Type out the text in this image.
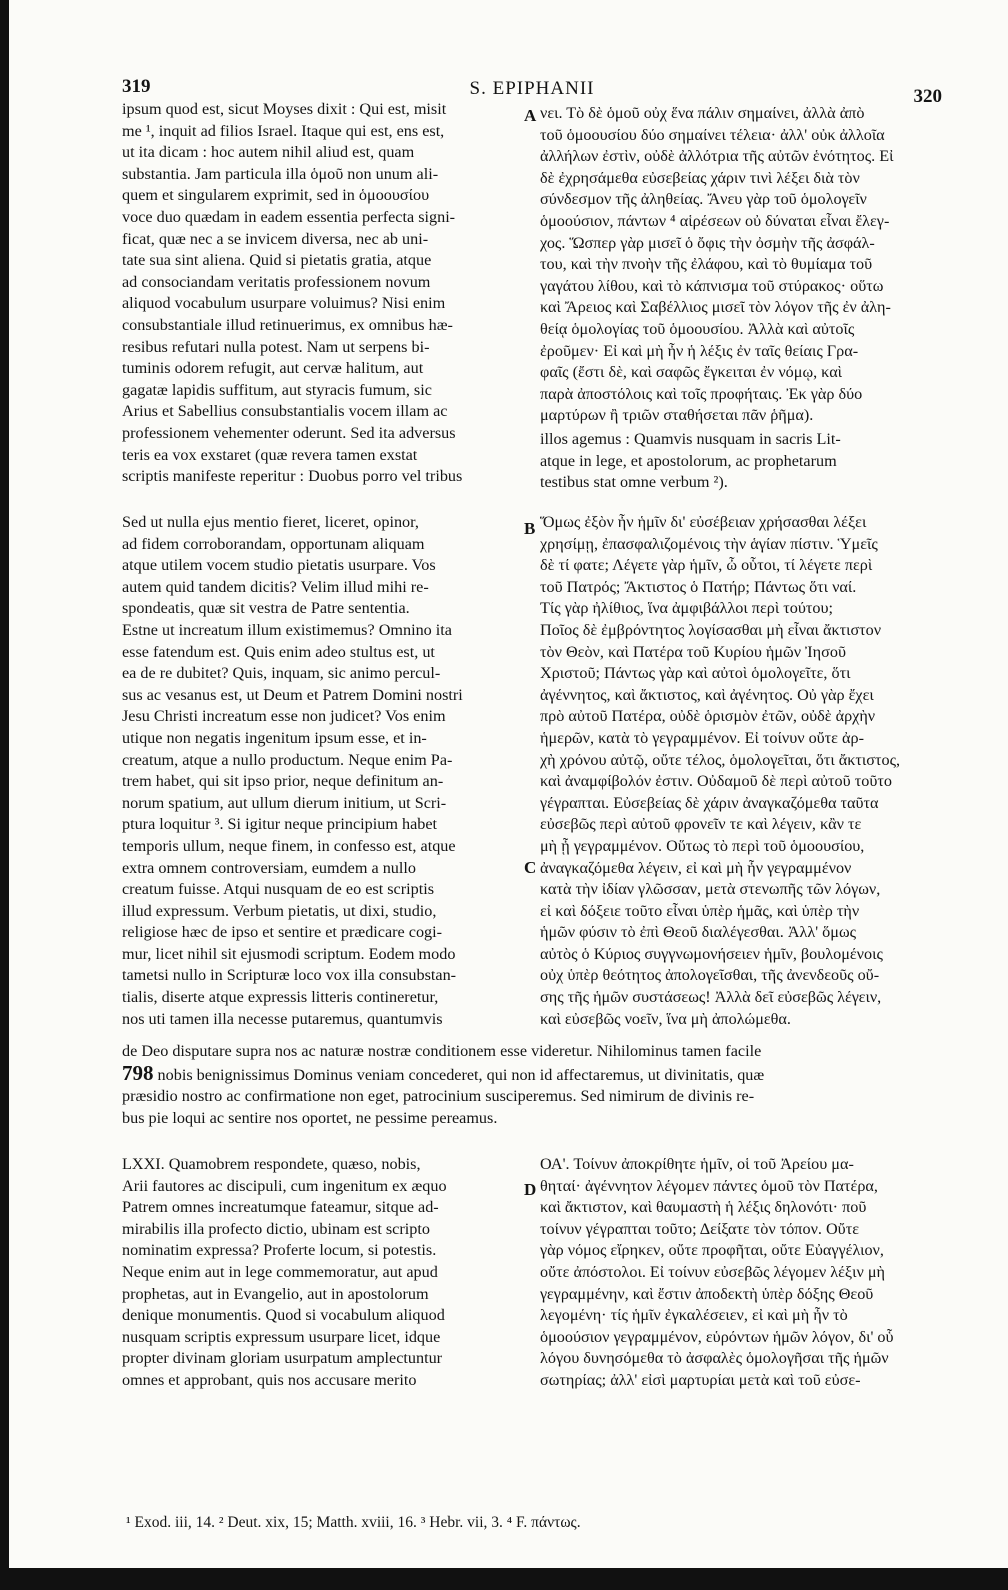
319	S. EPIPHANII	320
ipsum quod est, sicut Moyses dixit : Qui est, misit
me ¹, inquit ad filios Israel. Itaque qui est, ens est,
ut ita dicam : hoc autem nihil aliud est, quam
substantia. Jam particula illa ὁμοῦ non unum ali-
quem et singularem exprimit, sed in ὁμοουσίου
voce duo quædam in eadem essentia perfecta signi-
ficat, quæ nec a se invicem diversa, nec ab uni-
tate sua sint aliena. Quid si pietatis gratia, atque
ad consociandam veritatis professionem novum
aliquod vocabulum usurpare voluimus? Nisi enim
consubstantiale illud retinuerimus, ex omnibus hæ-
resibus refutari nulla potest. Nam ut serpens bi-
tuminis odorem refugit, aut cervæ halitum, aut
gagatæ lapidis suffitum, aut styracis fumum, sic
Arius et Sabellius consubstantialis vocem illam ac
professionem vehementer oderunt. Sed ita adversus
teris ea vox exstaret (quæ revera tamen exstat
scriptis manifeste reperitur : Duobus porro vel tribus
νει. Τὸ δὲ ὁμοῦ οὐχ ἕνα πάλιν σημαίνει, ἀλλὰ ἀπὸ
τοῦ ὁμοουσίου δύο σημαίνει τέλεια· ἀλλ' οὐκ ἀλλοῖα
ἀλλήλων ἐστὶν, οὐδὲ ἀλλότρια τῆς αὐτῶν ἑνότητος. Εἰ
δὲ ἐχρησάμεθα εὐσεβείας χάριν τινὶ λέξει διὰ τὸν
σύνδεσμον τῆς ἀληθείας. Ἄνευ γὰρ τοῦ ὁμολογεῖν
ὁμοούσιον, πάντων ⁴ αἱρέσεων οὐ δύναται εἶναι ἔλεγ-
χος. Ὥσπερ γὰρ μισεῖ ὁ ὄφις τὴν ὀσμὴν τῆς ἀσφάλ-
του, καὶ τὴν πνοὴν τῆς ἐλάφου, καὶ τὸ θυμίαμα τοῦ
γαγάτου λίθου, καὶ τὸ κάπνισμα τοῦ στύρακος· οὕτω
καὶ Ἄρειος καὶ Σαβέλλιος μισεῖ τὸν λόγον τῆς ἐν ἀλη-
θείᾳ ὁμολογίας τοῦ ὁμοουσίου. Ἀλλὰ καὶ αὐτοῖς
ἐροῦμεν· Εἰ καὶ μὴ ἦν ἡ λέξις ἐν ταῖς θείαις Γρα-
φαῖς (ἔστι δὲ, καὶ σαφῶς ἔγκειται ἐν νόμῳ, καὶ
παρὰ ἀποστόλοις καὶ τοῖς προφήταις. Ἐκ γὰρ δύο
μαρτύρων ἢ τριῶν σταθήσεται πᾶν ῥῆμα).
illos agemus : Quamvis nusquam in sacris Lit-
atque in lege, et apostolorum, ac prophetarum
testibus stat omne verbum ²).
Sed ut nulla ejus mentio fieret, liceret, opinor,
ad fidem corroborandam, opportunam aliquam
atque utilem vocem studio pietatis usurpare. Vos
autem quid tandem dicitis? Velim illud mihi re-
spondeatis, quæ sit vestra de Patre sententia.
Estne ut increatum illum existimemus? Omnino ita
esse fatendum est. Quis enim adeo stultus est, ut
ea de re dubitet? Quis, inquam, sic animo percul-
sus ac vesanus est, ut Deum et Patrem Domini nostri
Jesu Christi increatum esse non judicet? Vos enim
utique non negatis ingenitum ipsum esse, et in-
creatum, atque a nullo productum. Neque enim Pa-
trem habet, qui sit ipso prior, neque definitum an-
norum spatium, aut ullum dierum initium, ut Scri-
ptura loquitur ³. Si igitur neque principium habet
temporis ullum, neque finem, in confesso est, atque
extra omnem controversiam, eumdem a nullo
creatum fuisse. Atqui nusquam de eo est scriptis
illud expressum. Verbum pietatis, ut dixi, studio,
religiose hæc de ipso et sentire et prædicare cogi-
mur, licet nihil sit ejusmodi scriptum. Eodem modo
tametsi nullo in Scripturæ loco vox illa consubstan-
tialis, diserte atque expressis litteris contineretur,
nos uti tamen illa necesse putaremus, quantumvis
Ὅμως ἐξὸν ἦν ἡμῖν δι' εὐσέβειαν χρήσασθαι λέξει
χρησίμῃ, ἐπασφαλιζομένοις τὴν ἁγίαν πίστιν. Ὑμεῖς
δὲ τί φατε; Λέγετε γὰρ ἡμῖν, ὦ οὗτοι, τί λέγετε περὶ
τοῦ Πατρός; Ἄκτιστος ὁ Πατήρ; Πάντως ὅτι ναί.
Τίς γὰρ ἠλίθιος, ἵνα ἀμφιβάλλοι περὶ τούτου;
Ποῖος δὲ ἐμβρόντητος λογίσασθαι μὴ εἶναι ἄκτιστον
τὸν Θεὸν, καὶ Πατέρα τοῦ Κυρίου ἡμῶν Ἰησοῦ
Χριστοῦ; Πάντως γὰρ καὶ αὐτοὶ ὁμολογεῖτε, ὅτι
ἀγέννητος, καὶ ἄκτιστος, καὶ ἀγένητος. Οὐ γὰρ ἔχει
πρὸ αὐτοῦ Πατέρα, οὐδὲ ὁρισμὸν ἐτῶν, οὐδὲ ἀρχὴν
ἡμερῶν, κατὰ τὸ γεγραμμένον. Εἰ τοίνυν οὔτε ἀρ-
χὴ χρόνου αὐτῷ, οὔτε τέλος, ὁμολογεῖται, ὅτι ἄκτιστος,
καὶ ἀναμφίβολόν ἐστιν. Οὐδαμοῦ δὲ περὶ αὐτοῦ τοῦτο
γέγραπται. Εὐσεβείας δὲ χάριν ἀναγκαζόμεθα ταῦτα
εὐσεβῶς περὶ αὐτοῦ φρονεῖν τε καὶ λέγειν, κἂν τε
μὴ ᾖ γεγραμμένον. Οὕτως τὸ περὶ τοῦ ὁμοουσίου,
ἀναγκαζόμεθα λέγειν, εἰ καὶ μὴ ἦν γεγραμμένον
κατὰ τὴν ἰδίαν γλῶσσαν, μετὰ στενωπῆς τῶν λόγων,
εἰ καὶ δόξειε τοῦτο εἶναι ὑπὲρ ἡμᾶς, καὶ ὑπὲρ τὴν
ἡμῶν φύσιν τὸ ἐπὶ Θεοῦ διαλέγεσθαι. Ἀλλ' ὅμως
αὐτὸς ὁ Κύριος συγγνωμονήσειεν ἡμῖν, βουλομένοις
οὐχ ὑπὲρ θεότητος ἀπολογεῖσθαι, τῆς ἀνενδεοῦς οὔ-
σης τῆς ἡμῶν συστάσεως! Ἀλλὰ δεῖ εὐσεβῶς λέγειν,
καὶ εὐσεβῶς νοεῖν, ἵνα μὴ ἀπολώμεθα.
de Deo disputare supra nos ac naturæ nostræ conditionem esse videretur. Nihilominus tamen facile
798 nobis benignissimus Dominus veniam concederet, qui non id affectaremus, ut divinitatis, quæ
præsidio nostro ac confirmatione non eget, patrocinium susciperemus. Sed nimirum de divinis re-
bus pie loqui ac sentire nos oportet, ne pessime pereamus.
LXXI. Quamobrem respondete, quæso, nobis,
Arii fautores ac discipuli, cum ingenitum ex æquo
Patrem omnes increatumque fateamur, sitque ad-
mirabilis illa profecto dictio, ubinam est scripto
nominatim expressa? Proferte locum, si potestis.
Neque enim aut in lege commemoratur, aut apud
prophetas, aut in Evangelio, aut in apostolorum
denique monumentis. Quod si vocabulum aliquod
nusquam scriptis expressum usurpare licet, idque
propter divinam gloriam usurpatum amplectuntur
omnes et approbant, quis nos accusare merito
ΟΑ'. Τοίνυν ἀποκρίθητε ἡμῖν, οἱ τοῦ Ἀρείου μα-
θηταί· ἀγέννητον λέγομεν πάντες ὁμοῦ τὸν Πατέρα,
καὶ ἄκτιστον, καὶ θαυμαστὴ ἡ λέξις δηλονότι· ποῦ
τοίνυν γέγραπται τοῦτο; Δείξατε τὸν τόπον. Οὔτε
γὰρ νόμος εἴρηκεν, οὔτε προφῆται, οὔτε Εὐαγγέλιον,
οὔτε ἀπόστολοι. Εἰ τοίνυν εὐσεβῶς λέγομεν λέξιν μὴ
γεγραμμένην, καὶ ἔστιν ἀποδεκτὴ ὑπὲρ δόξης Θεοῦ
λεγομένη· τίς ἡμῖν ἐγκαλέσειεν, εἰ καὶ μὴ ἦν τὸ
ὁμοούσιον γεγραμμένον, εὑρόντων ἡμῶν λόγον, δι' οὗ
λόγου δυνησόμεθα τὸ ἀσφαλὲς ὁμολογῆσαι τῆς ἡμῶν
σωτηρίας; ἀλλ' εἰσὶ μαρτυρίαι μετὰ καὶ τοῦ εὐσε-
A
B
C
D
¹ Exod. iii, 14. ² Deut. xix, 15; Matth. xviii, 16. ³ Hebr. vii, 3. ⁴ F. πάντως.
